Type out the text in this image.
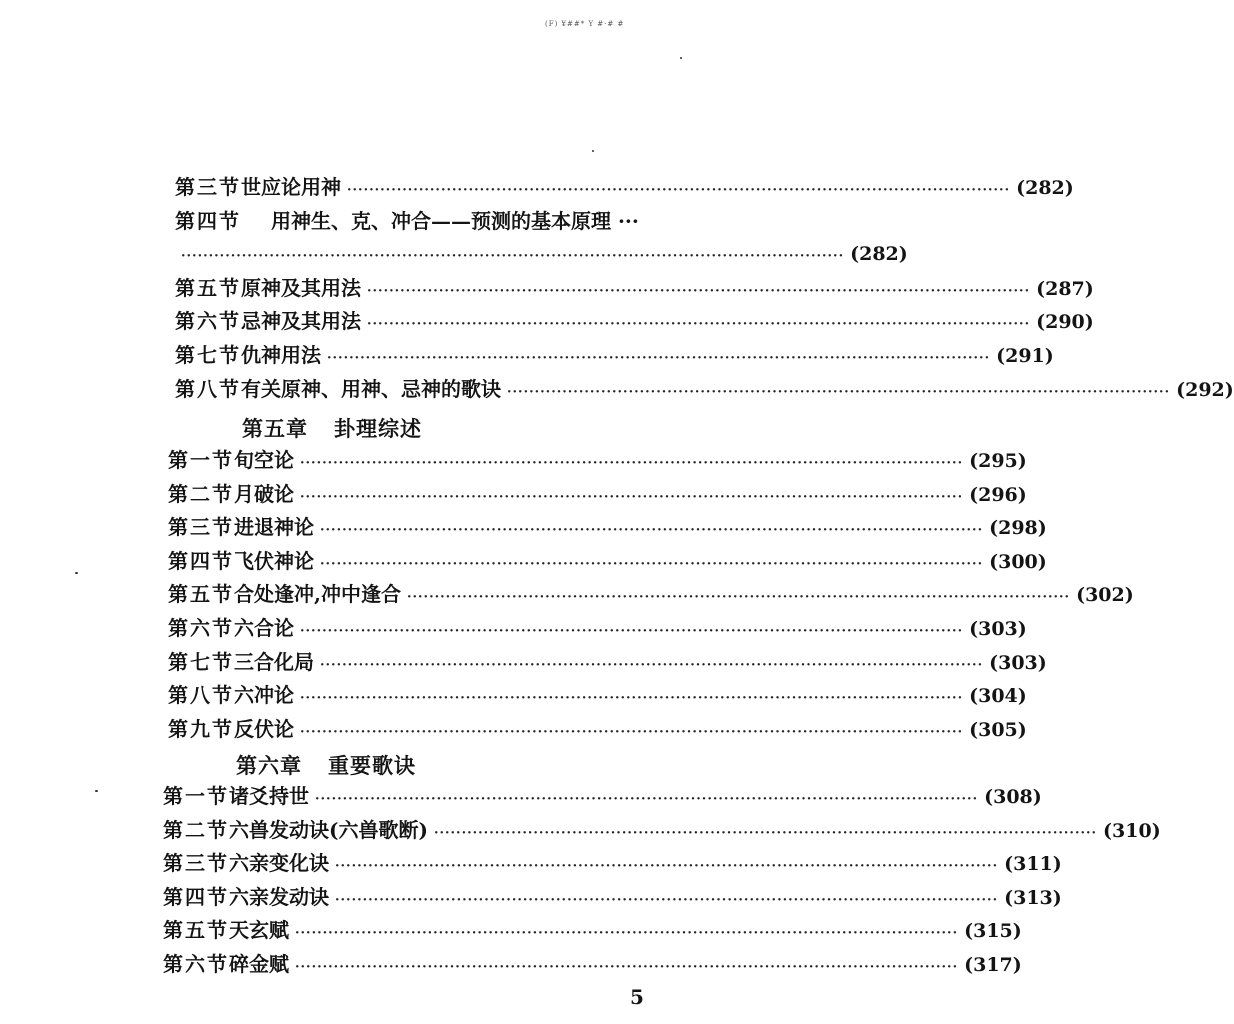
(F) ¥##* Y #·# #
第三节 世应论用神 ························································································································ (282)
第四节	用神生、克、冲合——预测的基本原理 ···
························································································································ (282)
第五节 原神及其用法 ························································································································ (287)
第六节 忌神及其用法 ························································································································ (290)
第七节 仇神用法 ························································································································ (291)
第八节 有关原神、用神、忌神的歌诀 ························································································································ (292)
第五章 卦理综述
第一节 旬空论 ························································································································ (295)
第二节 月破论 ························································································································ (296)
第三节 进退神论 ························································································································ (298)
第四节 飞伏神论 ························································································································ (300)
第五节 合处逢冲,冲中逢合 ························································································································ (302)
第六节 六合论 ························································································································ (303)
第七节 三合化局 ························································································································ (303)
第八节 六冲论 ························································································································ (304)
第九节 反伏论 ························································································································ (305)
第六章 重要歌诀
第一节 诸爻持世 ························································································································ (308)
第二节 六兽发动诀(六兽歌断) ························································································································ (310)
第三节 六亲变化诀 ························································································································ (311)
第四节 六亲发动诀 ························································································································ (313)
第五节 天玄赋 ························································································································ (315)
第六节 碎金赋 ························································································································ (317)
5
